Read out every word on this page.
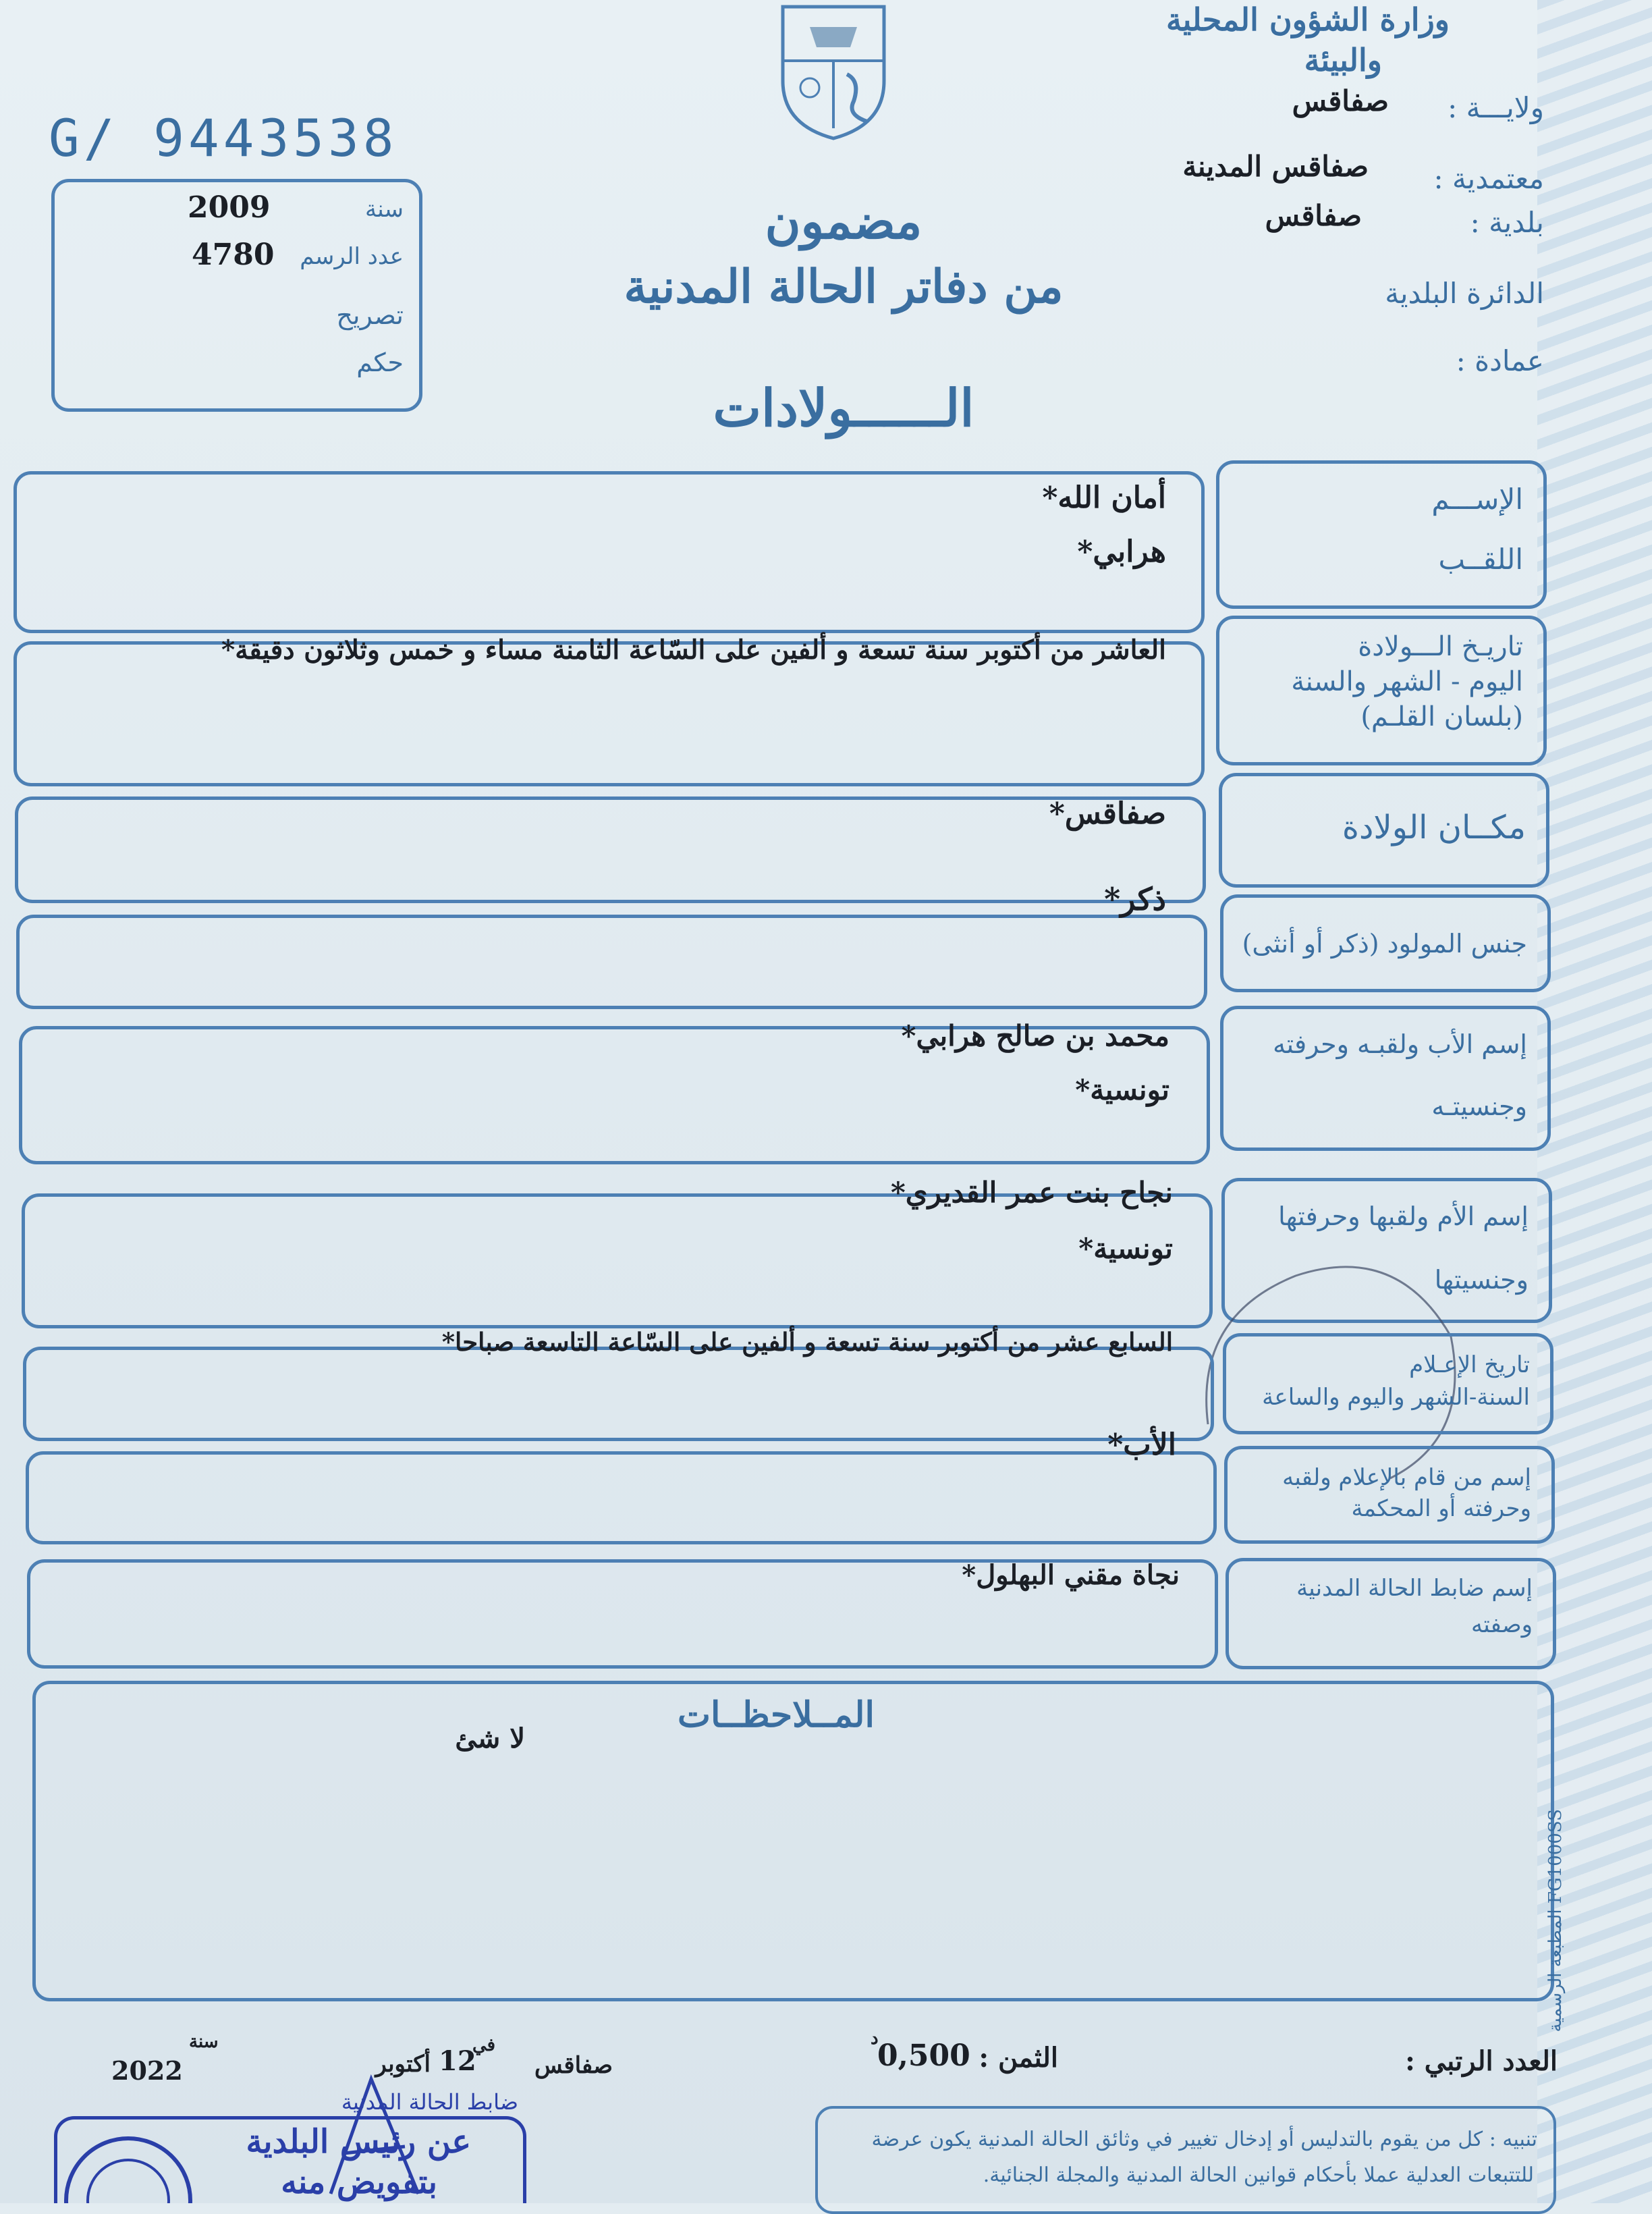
وزارة الشؤون المحلية
والبيئة
ولايـــة :
صفاقس
معتمدية :
صفاقس المدينة
بلدية :
صفاقس
الدائرة البلدية
عمادة :
G/ 9443538
سنة
2009
عدد الرسم
4780
تصريح
حكم
مضمون
من دفاتر الحالة المدنية
الــــــولادات
الإســـم
اللقــب
أمان الله*
هرابي*
تاريـخ الـــولادة
اليوم - الشهر والسنة
(بلسان القلـم)
العاشر من أكتوبر سنة تسعة و ألفين على السّاعة الثامنة مساء و خمس وثلاثون دقيقة*
مكــان الولادة
صفاقس*
جنس المولود (ذكر أو أنثى)
ذكر*
إسم الأب ولقبـه وحرفته
وجنسيتـه
محمد بن صالح هرابي*
تونسية*
إسم الأم ولقبها وحرفتها
وجنسيتها
نجاح بنت عمر القديري*
تونسية*
تاريخ الإعـلام
السنة-الشهر واليوم والساعة
السابع عشر من أكتوبر سنة تسعة و ألفين على السّاعة التاسعة صباحا*
إسم من قام بالإعلام ولقبه
وحرفته أو المحكمة
الأب*
إسم ضابط الحالة المدنية
وصفته
نجاة مقني البهلول*
المــلاحظــات
لا شئ
المطبعة الرسمية FG1000SS
العدد الرتبي :
الثمن :
0,500
د
صفاقس
في
12
أكتوبر
سنة
2022
ضابط الحالة المدنية
عن رئيس البلدية
بتفويض منه
تنبيه : كل من يقوم بالتدليس أو إدخال تغيير في وثائق الحالة المدنية يكون عرضة
للتتبعات العدلية عملا بأحكام قوانين الحالة المدنية والمجلة الجنائية.
